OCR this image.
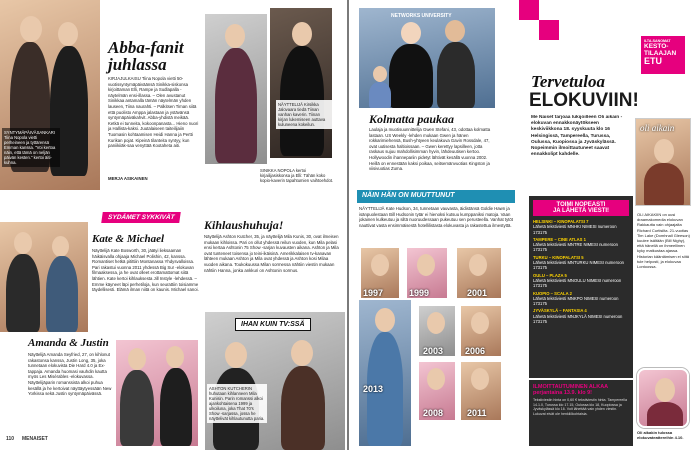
SYNTYMÄPÄIVÄSANKARI Tiina Nopola vietti perheineen ja tyttärensä Emman kanssa. "Voi kertoa näin, että tämä on neljän päivän kesten." kertoi äiti-kuhna.
Abba-fanit
juhlassa
KIRJAJULKAISU Tiina Nopola vietti 50-vuotissyntymäpäiväänsä Sinikka-siskonsa kirjoittaman Elli, Rampe ja Sudlapalla -näytelmän ensi-illassa. – Olen avustanut Sinikkaa antamalla tämän näytelmän yhden lauseen, Tiina naurahti. – Palkitsen Timan siitä että puolisto Amppa jalastaan ja ystävänsä syntymäpäiväkahvit. Abba-yhdistä meikää. Ketkä ei tunneita, kokoonpanasta... Hieno nuori ja Hallista-kaksi. Juutalaiseen taiteilijaiin Tuomasin kohtaamisen Heidi Hanna ja Pertti Kurikan pojat. Kipeinä tilanteita syntyy, kun paniikiiäk-saa venyttää Kootaheta aiti.
MERJA ASIKAINEN
NÄYTTELIJÄ Kirsikka Jalovaara tiedä Tiinan vanhan kaverin. Tiinan kirjan lukemiseen auttava kuluneena kokeilun.
SINIKKA NOPOLA kertoi kirjailijasiskonsa ja Elli: Tähän koko kopio-kaverin tapahtumien vaihtoehdot.
SYDÄMET SYKKIVÄT
Kate & Michael
Näyttelijä Kate Bosworth, 30, jäätyi lieksaaman häikäisvalla ohjaaja Michael Polishin, 42, kanssa. Romantiset hetkä pitittiin Montanassa Yhdysvalloissa. Pari rakastui vuonna 2011 yhdessä Big Sur -elokuvan filmaaksessa, ja he ovat olleet erottamattomat siitä lähtien. Kate kertoi kihlauksesta Jill Instyle -lehdessä. – Emme käyneet läpi perhetiloja, kun seurattiin toisiamme täydellisesti. Elämä ilman niitä on kaunis. Michael sanoi.
Amanda & Justin
Näyttelijä Amanda Seyfried, 27, on kihlonut rakastonsa kanssa, Justin Long, 35, joka tunnetaan elokuvista Die Hard 4.0 ja Ex-tappaja. Amanda huomasi vauhdin kautta myös Les Misérables -elokuvassa. Näyttelijäparin romanssista alkoi puhua kesällä ja he kertoivat näyttäytyessään New Yorkissa sekä Justin syntymäpäivässä.
Kihlaushuhuja!
Näyttelijä Ashton Kutcher, 35, ja näyttelijä Mila Kunis, 30, ovat ilmeisen mukaan kihloissa. Pari on ollut yhdessä reilun vuoden, kun Mila pelasi ensi kertaa Ashtonin 75 Show -sarjan kuvausten aikana. Ashton ja Mila ovat tunteneet toisensa jo teini-ikäisinä. Amerikkalaisen tv-kanavan lähteen mukaan Ashton ja Mila ovat yhdessä ja Ashton kosi Milaa vuoden aikana. Toukokuussa Milan sormessa nähtiin viestin mukaan nähtiin Hanna, jonka ankkuri on Ashtonin sormus.
IHAN KUIN TV:SSÄ
ASHTON KUTCHERIN huhutaan kihlanneen Mila Kunisin. Parin romanssi alkoi ajankohtaisena 1999 ja ulkoiluna, joka That 70's Show -sarjassa, jossa he näyttelivät kihlautunutta paria.
110 MENAISET
NETWORKS UNIVERSITY
Kolmatta paukaa
Laulaja ja muotisuunnittelija Gwen Stefani, 43, odottaa kolmatta lastaan. US Weekly -lehden mukaan Gwen ja hänen rokkarimiehensä, Bush-yhtyeen keulakuva Gavin Rossdale, 47, ovat uutisesta haltioissaan. – Gwen kerettyy lapsilleen, jotta raskaus sujuu mahdollisimman hyvin, lähdeuutisen kertoo. Hollywoodin ihannepariin pidetyt lähtivät kesällä vuonna 2002. Heillä on ennestään kaksi poikaa, seitsemänvuotias Kingston ja viisivuotias Zuma.
NÄIN HÄN ON MUUTTUNUT
NÄYTTELIJÄ Kate Hudson, 34, tunnetaan vauvasta, äidistänsä Goldie Hawn ja isänpuolestaan Bill Hudsonin tytär ei hienoksi kutsuu kumppaniksi matoja. Vaan jokainen kulkeutuu ja siltä nuoruudessaan pukeutuu sen perusteella. Vanhat tytöt nauttivat vasta ensimmäisestä hotellilistasta elokuvasta ja rakastettua ilmestyttä.
1997	1999	2001
2003 2006
2013
2008	2011
ILTA-SANOMAT
KESTO-
TILAAJAN
ETU
Tervetuloa
ELOKUVIIN!
Me Naiset tarjoaa lukijoilleen Oli aikain -elokuvan ennakkonäytökseen keskiviikkona 18. syyskuuta klo 16 Helsingissä, Tampereella, Turussa, Oulussa, Kuopiossa ja Jyväskylässä. Nopeimmin ilmoittautuneet saavat ennakkolipt kahdelle.
oli aikain
TOIMI NOPEASTI
JA LÄHETÄ VIESTI!
HELSINKI – KINOPALATSI 7
Lähetä tekstiviesti MNHKI NIMESI numeroon 173175
TAMPERE – CINE ATLAS 1
Lähetä tekstiviesti MNTRE NIMESI numeroon 173175
TURKU – KINOPALATSI 5
Lähetä tekstiviesti MNTURKU NIMESI numeroon 173175
OULU – PLAZA 5
Lähetä tekstiviesti MNOULU NIMESI numeroon 173175
KUOPIO – SCALA 2
Lähetä tekstiviesti MNKPO NIMESI numeroon 173175
JYVÄSKYLÄ – FANTASIA 4
Lähetä tekstiviesti MNJKYLÄ NIMESI numeroon 173175
OLI AIKAKIIN on uusi draamakomedia elokuvan Rakkautta vain ohjaajalta Richard Curtisilta. 21-vuotias Tim Lake (Domhnall Gleeson) kuulee isältään (Bill Nighy), että hänellä on ihmeellinen kyky matkustaa ajassa. Historian kääntämisen ei siitä tule helposti, ja elokuvaa Lontoossa.
ILMOITTAUTUMINEN ALKAA
perjantaina 13.9. klo 9!
Tekstiviestin hinta on 0,60 € tekstiviestin hinta. Tampereella 14.1.0, Turussa klo 17.15, Oulussa klo 18, Kuopiossa ja Jyväskylässä klo 16. Voit lähettää vain yhden viestin. Lukuvat eivät ole henkilökohtaisia.
Oli aikakin tulossa elokuvateattereihin 4.10.
